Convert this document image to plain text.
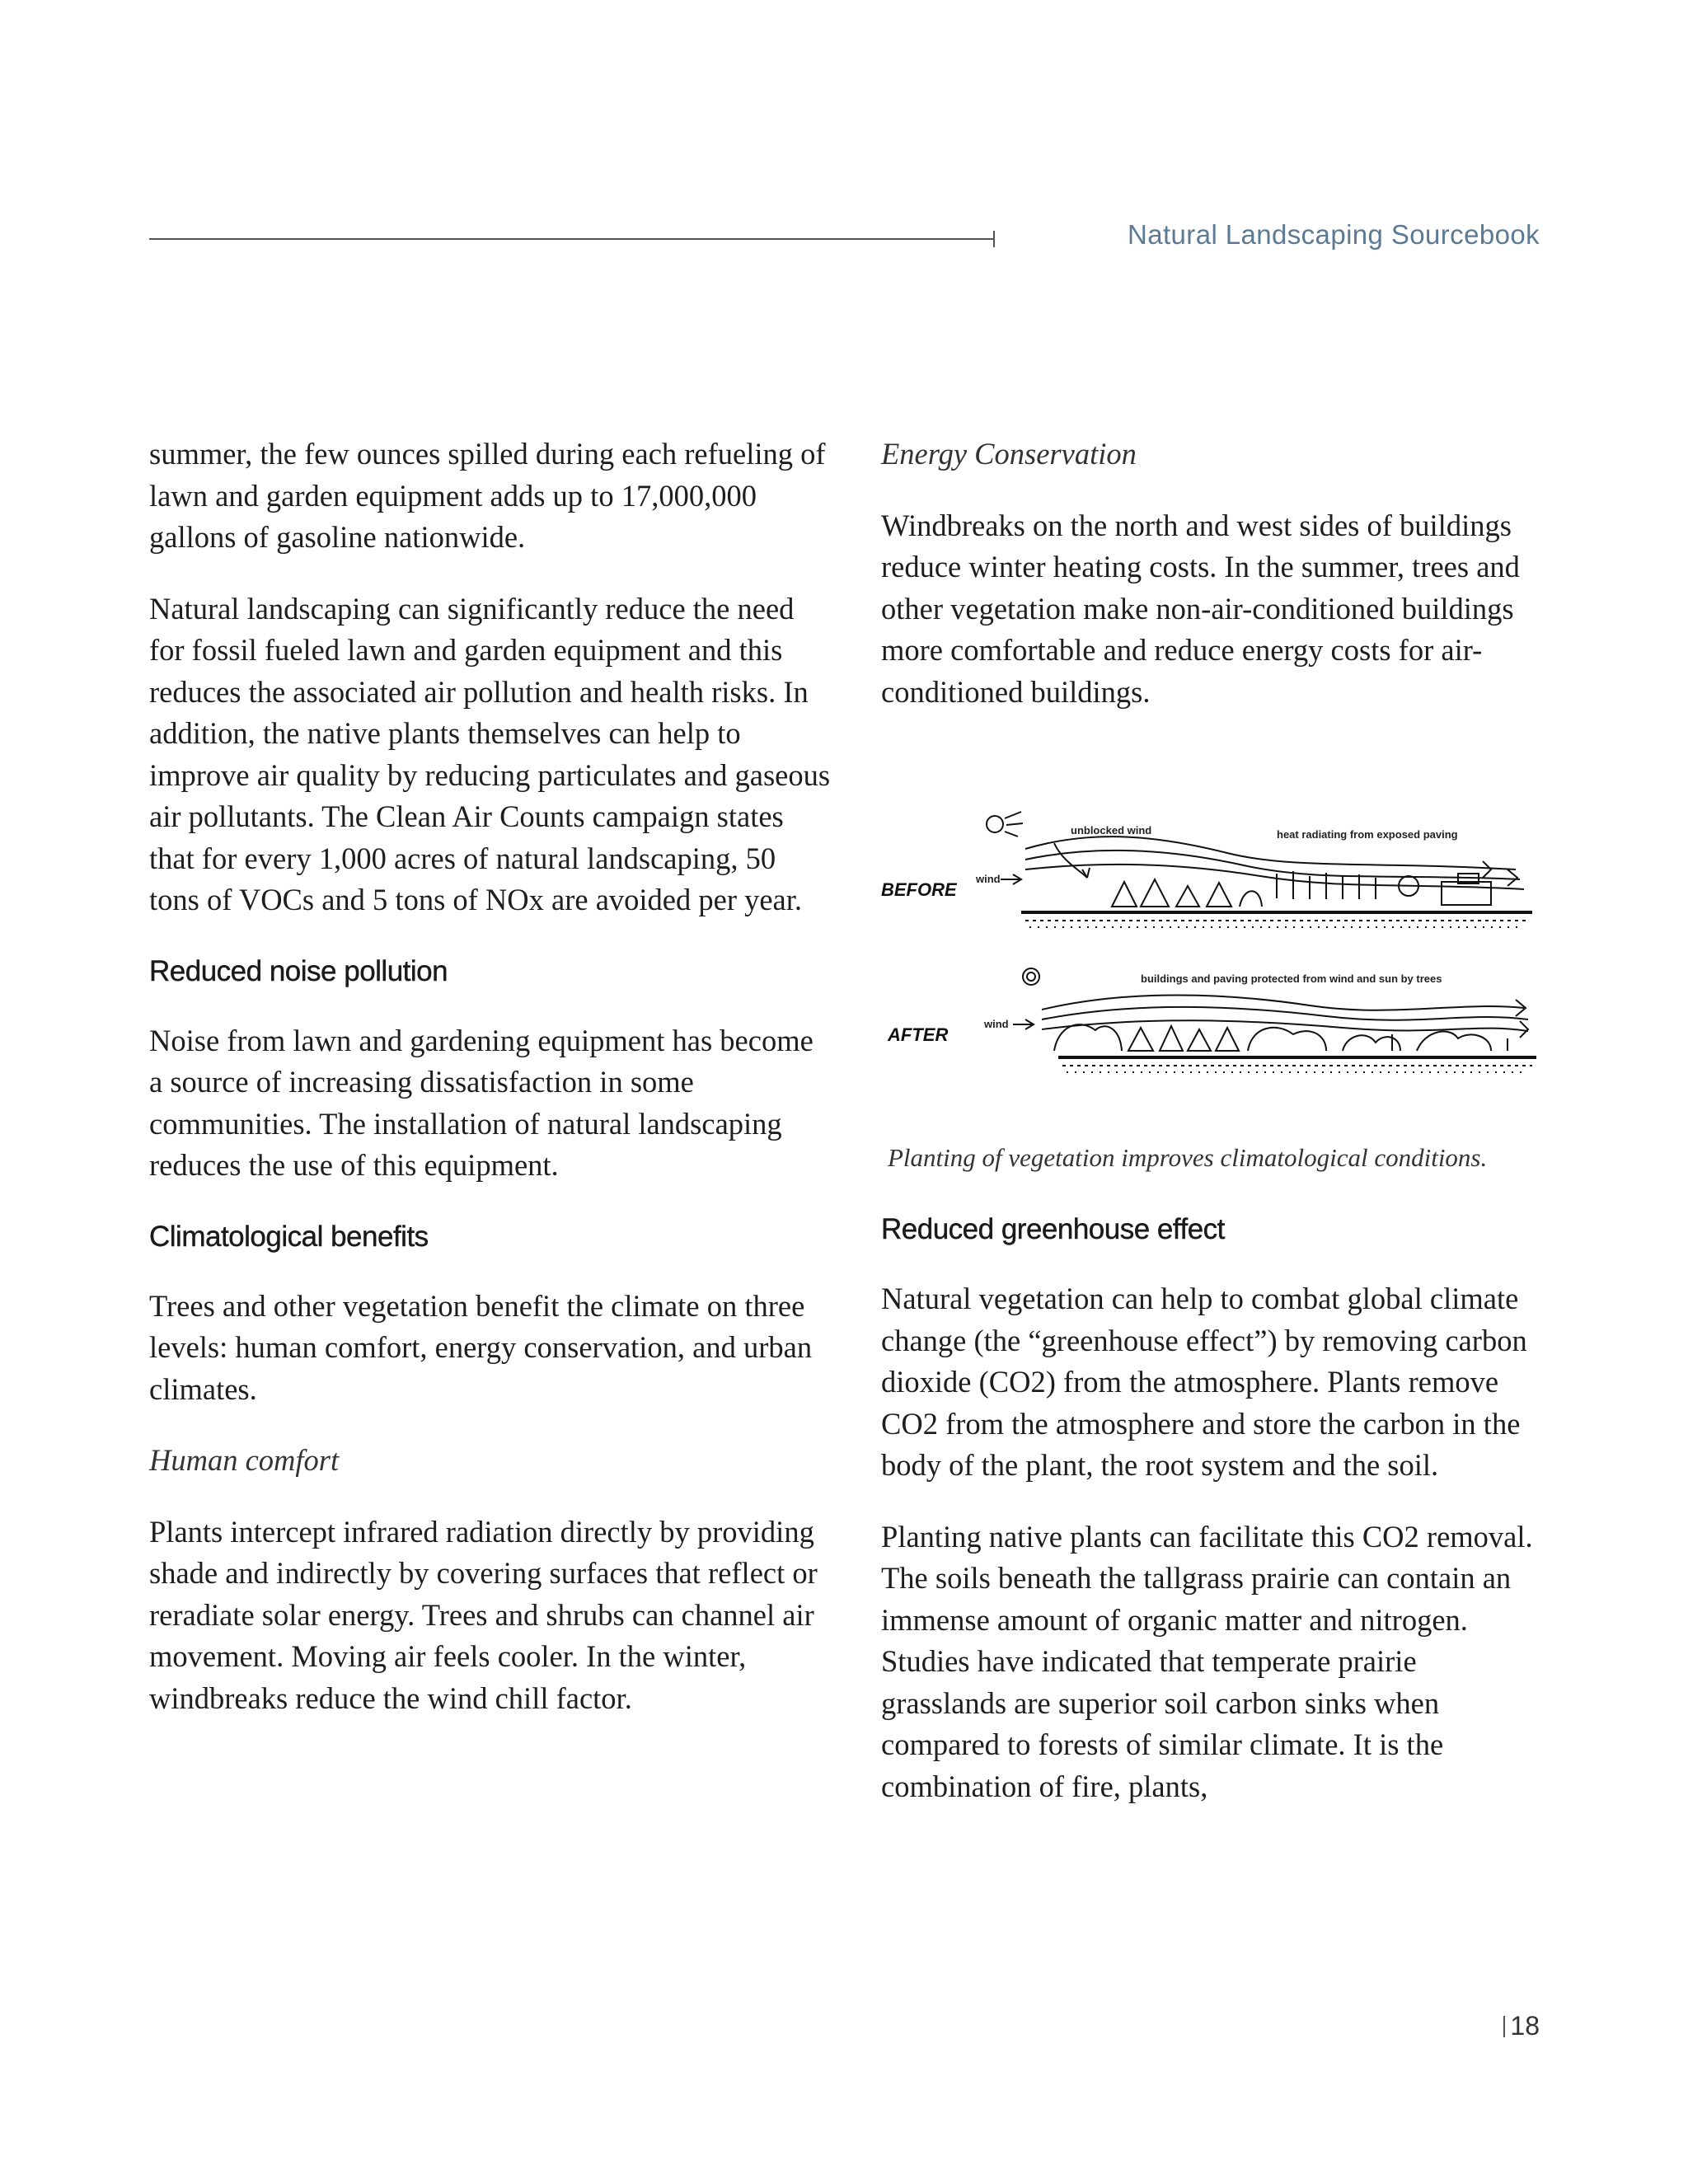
Natural Landscaping Sourcebook

summer, the few ounces spilled during each refueling of lawn and garden equipment adds up to 17,000,000 gallons of gasoline nationwide.

Natural landscaping can significantly reduce the need for fossil fueled lawn and garden equipment and this reduces the associated air pollution and health risks. In addition, the native plants themselves can help to improve air quality by reducing particulates and gaseous air pollutants. The Clean Air Counts campaign states that for every 1,000 acres of natural landscaping, 50 tons of VOCs and 5 tons of NOx are avoided per year.

Reduced noise pollution

Noise from lawn and gardening equipment has become a source of increasing dissatisfaction in some communities. The installation of natural landscaping reduces the use of this equipment.

Climatological benefits

Trees and other vegetation benefit the climate on three levels: human comfort, energy conservation, and urban climates.

Human comfort

Plants intercept infrared radiation directly by providing shade and indirectly by covering surfaces that reflect or reradiate solar energy. Trees and shrubs can channel air movement. Moving air feels cooler. In the winter, windbreaks reduce the wind chill factor.

Energy Conservation

Windbreaks on the north and west sides of buildings reduce winter heating costs. In the summer, trees and other vegetation make non-air-conditioned buildings more comfortable and reduce energy costs for air-conditioned buildings.

BEFORE
AFTER
unblocked wind	heat radiating from exposed paving
wind
wind
buildings and paving protected from wind and sun by trees

Planting of vegetation improves climatological conditions.

Reduced greenhouse effect

Natural vegetation can help to combat global climate change (the “greenhouse effect”) by removing carbon dioxide (CO2) from the atmosphere. Plants remove CO2 from the atmosphere and store the carbon in the body of the plant, the root system and the soil.

Planting native plants can facilitate this CO2 removal. The soils beneath the tallgrass prairie can contain an immense amount of organic matter and nitrogen. Studies have indicated that temperate prairie grasslands are superior soil carbon sinks when compared to forests of similar climate. It is the combination of fire, plants,

18
